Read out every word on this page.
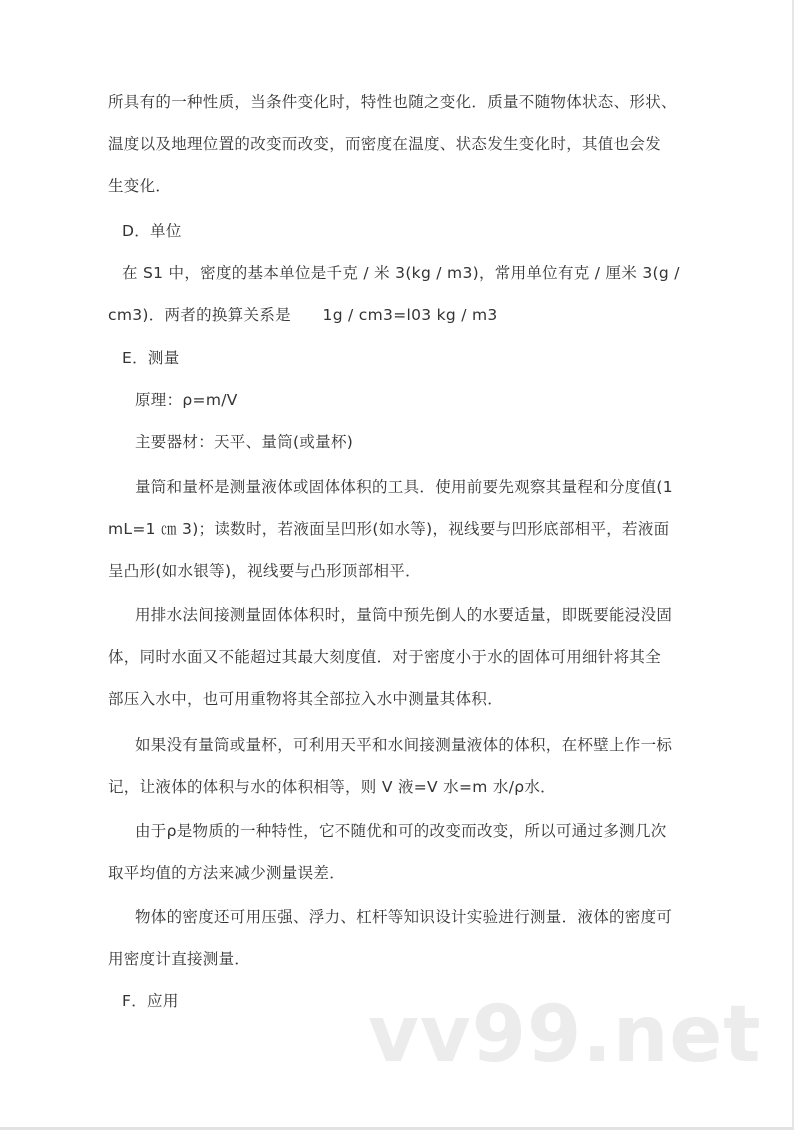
所具有的一种性质，当条件变化时，特性也随之变化．质量不随物体状态、形状、
温度以及地理位置的改变而改变，而密度在温度、状态发生变化时，其值也会发
生变化．
D．单位
在 S1 中，密度的基本单位是千克 / 米 3(kg / m3)，常用单位有克 / 厘米 3(g /
cm3)．两者的换算关系是　　1g / cm3=l03 kg / m3
E．测量
原理：ρ=m/V
主要器材：天平、量筒(或量杯)
量筒和量杯是测量液体或固体体积的工具．使用前要先观察其量程和分度值(1
mL=1 ㎝ 3)；读数时，若液面呈凹形(如水等)，视线要与凹形底部相平，若液面
呈凸形(如水银等)，视线要与凸形顶部相平．
用排水法间接测量固体体积时，量筒中预先倒人的水要适量，即既要能浸没固
体，同时水面又不能超过其最大刻度值．对于密度小于水的固体可用细针将其全
部压入水中，也可用重物将其全部拉入水中测量其体积．
如果没有量筒或量杯，可利用天平和水间接测量液体的体积，在杯壁上作一标
记，让液体的体积与水的体积相等，则 V 液=V 水=m 水/ρ水．
由于ρ是物质的一种特性，它不随优和可的改变而改变，所以可通过多测几次
取平均值的方法来减少测量误差．
物体的密度还可用压强、浮力、杠杆等知识设计实验进行测量．液体的密度可
用密度计直接测量．
F．应用 vv99.net
